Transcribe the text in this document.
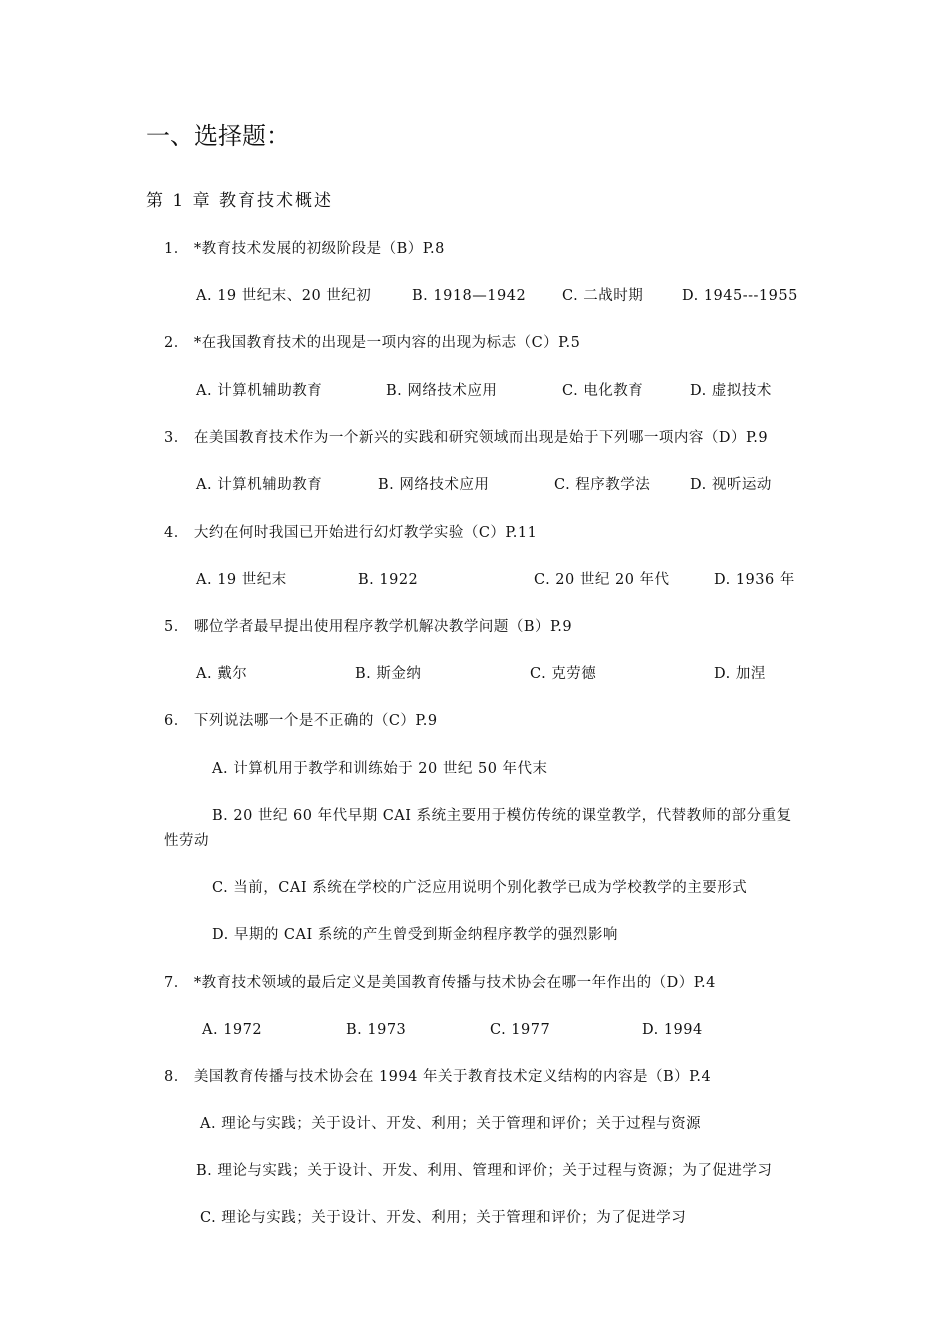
一、选择题：
第 1 章 教育技术概述
1． *教育技术发展的初级阶段是（B）P.8
A. 19 世纪末、20 世纪初	B. 1918—1942 C. 二战时期	D. 1945---1955
2． *在我国教育技术的出现是一项内容的出现为标志（C）P.5
A. 计算机辅助教育	B. 网络技术应用	C. 电化教育	D. 虚拟技术
3． 在美国教育技术作为一个新兴的实践和研究领域而出现是始于下列哪一项内容（D）P.9
A. 计算机辅助教育	B. 网络技术应用	C. 程序教学法	D. 视听运动
4． 大约在何时我国已开始进行幻灯教学实验（C）P.11
A. 19 世纪末	B. 1922	C. 20 世纪 20 年代	D. 1936 年
5． 哪位学者最早提出使用程序教学机解决教学问题（B）P.9
A. 戴尔	B. 斯金纳	C. 克劳德	D. 加涅
6． 下列说法哪一个是不正确的（C）P.9
A. 计算机用于教学和训练始于 20 世纪 50 年代末
B. 20 世纪 60 年代早期 CAI 系统主要用于模仿传统的课堂教学，代替教师的部分重复
性劳动
C. 当前，CAI 系统在学校的广泛应用说明个别化教学已成为学校教学的主要形式
D. 早期的 CAI 系统的产生曾受到斯金纳程序教学的强烈影响
7． *教育技术领域的最后定义是美国教育传播与技术协会在哪一年作出的（D）P.4
A. 1972	B. 1973	C. 1977	D. 1994
8． 美国教育传播与技术协会在 1994 年关于教育技术定义结构的内容是（B）P.4
A. 理论与实践；关于设计、开发、利用；关于管理和评价；关于过程与资源
B. 理论与实践；关于设计、开发、利用、管理和评价；关于过程与资源；为了促进学习
C. 理论与实践；关于设计、开发、利用；关于管理和评价；为了促进学习
